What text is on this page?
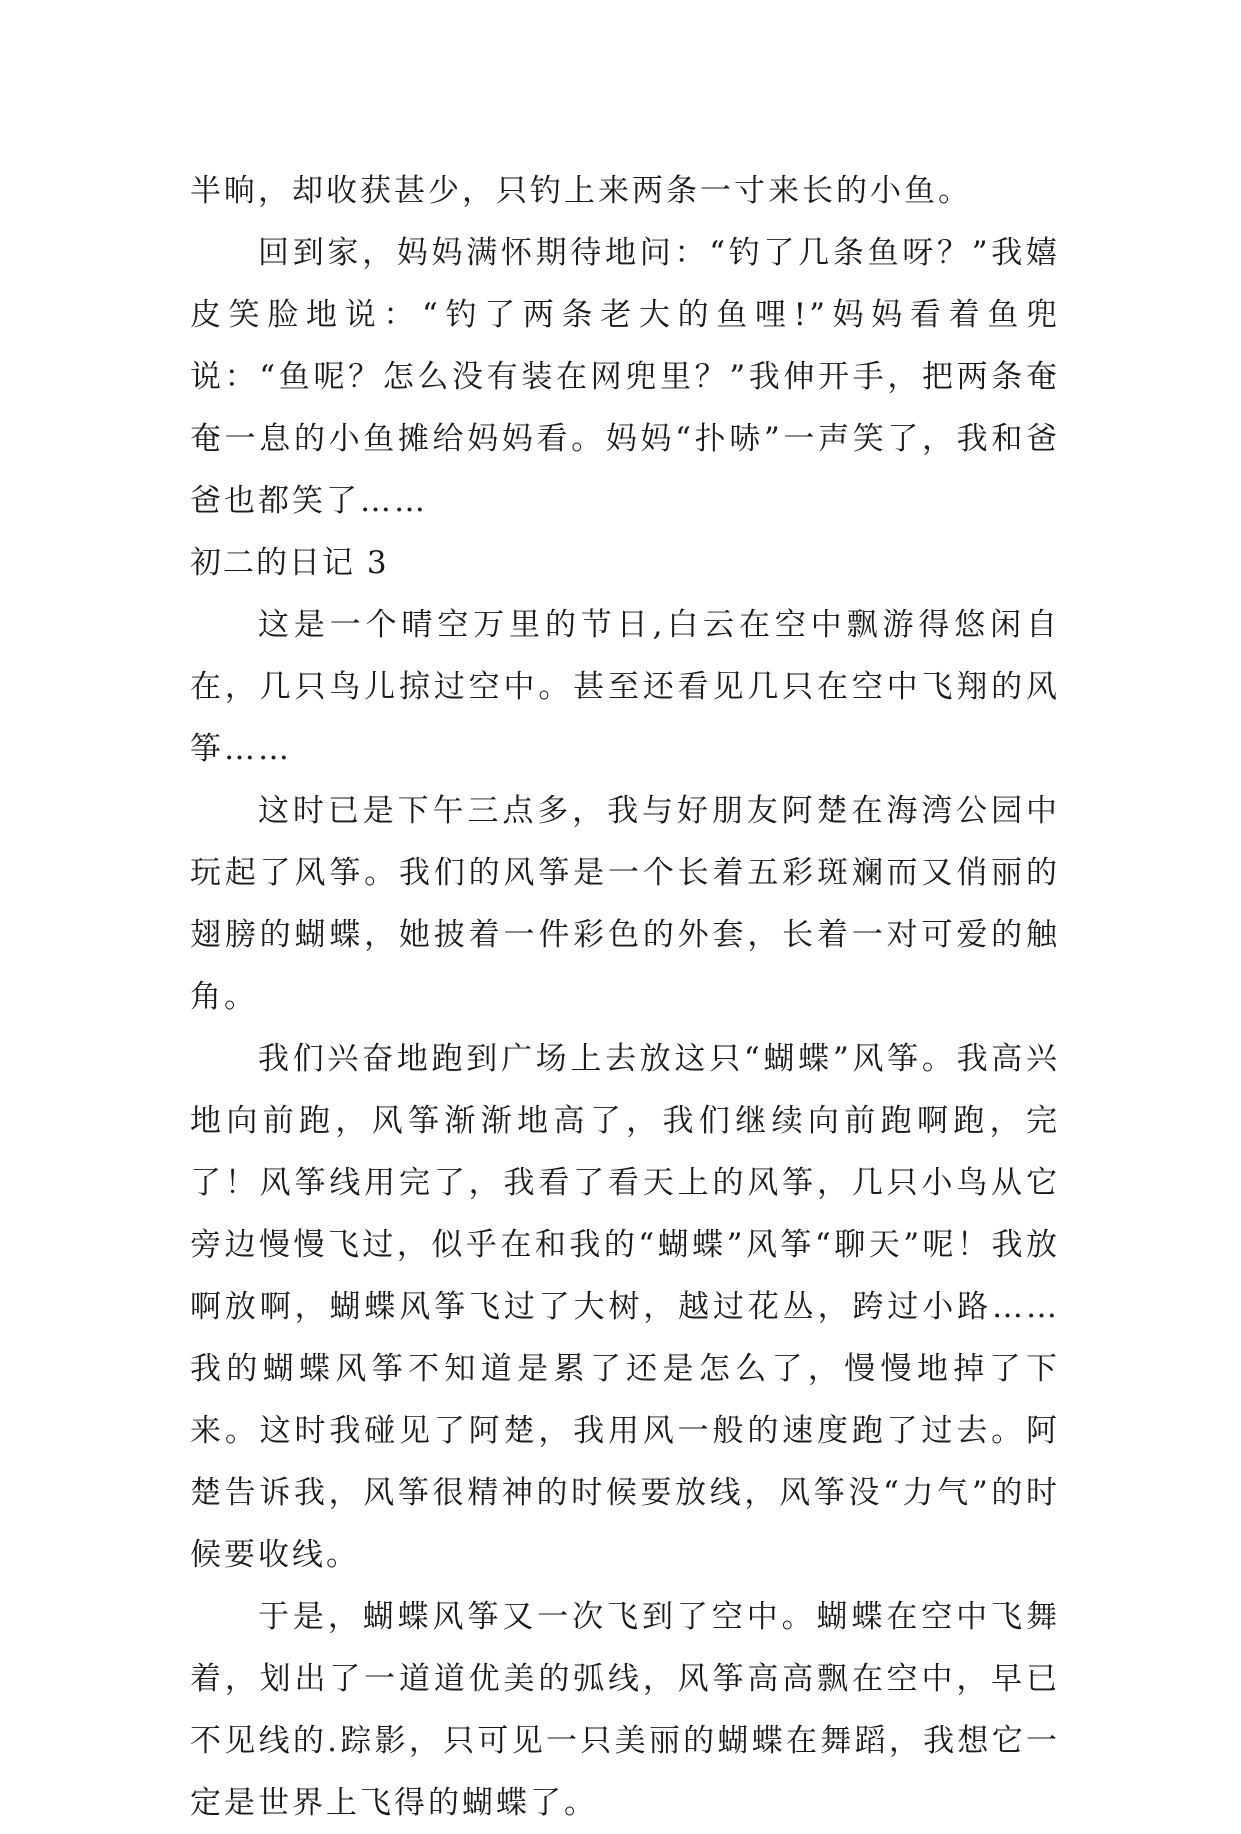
半晌，却收获甚少，只钓上来两条一寸来长的小鱼。

回到家，妈妈满怀期待地问：“钓了几条鱼呀？”我嬉皮笑脸地说：“钓了两条老大的鱼哩!”妈妈看着鱼兜说：“鱼呢？怎么没有装在网兜里？”我伸开手，把两条奄奄一息的小鱼摊给妈妈看。妈妈“扑哧”一声笑了，我和爸爸也都笑了……

初二的日记 3

这是一个晴空万里的节日,白云在空中飘游得悠闲自在，几只鸟儿掠过空中。甚至还看见几只在空中飞翔的风筝……

这时已是下午三点多，我与好朋友阿楚在海湾公园中玩起了风筝。我们的风筝是一个长着五彩斑斓而又俏丽的翅膀的蝴蝶，她披着一件彩色的外套，长着一对可爱的触角。

我们兴奋地跑到广场上去放这只“蝴蝶”风筝。我高兴地向前跑，风筝渐渐地高了，我们继续向前跑啊跑，完了！风筝线用完了，我看了看天上的风筝，几只小鸟从它旁边慢慢飞过，似乎在和我的“蝴蝶”风筝“聊天”呢！我放啊放啊，蝴蝶风筝飞过了大树，越过花丛，跨过小路……我的蝴蝶风筝不知道是累了还是怎么了，慢慢地掉了下来。这时我碰见了阿楚，我用风一般的速度跑了过去。阿楚告诉我，风筝很精神的时候要放线，风筝没“力气”的时候要收线。

于是，蝴蝶风筝又一次飞到了空中。蝴蝶在空中飞舞着，划出了一道道优美的弧线，风筝高高飘在空中，早已不见线的.踪影，只可见一只美丽的蝴蝶在舞蹈，我想它一定是世界上飞得的蝴蝶了。
